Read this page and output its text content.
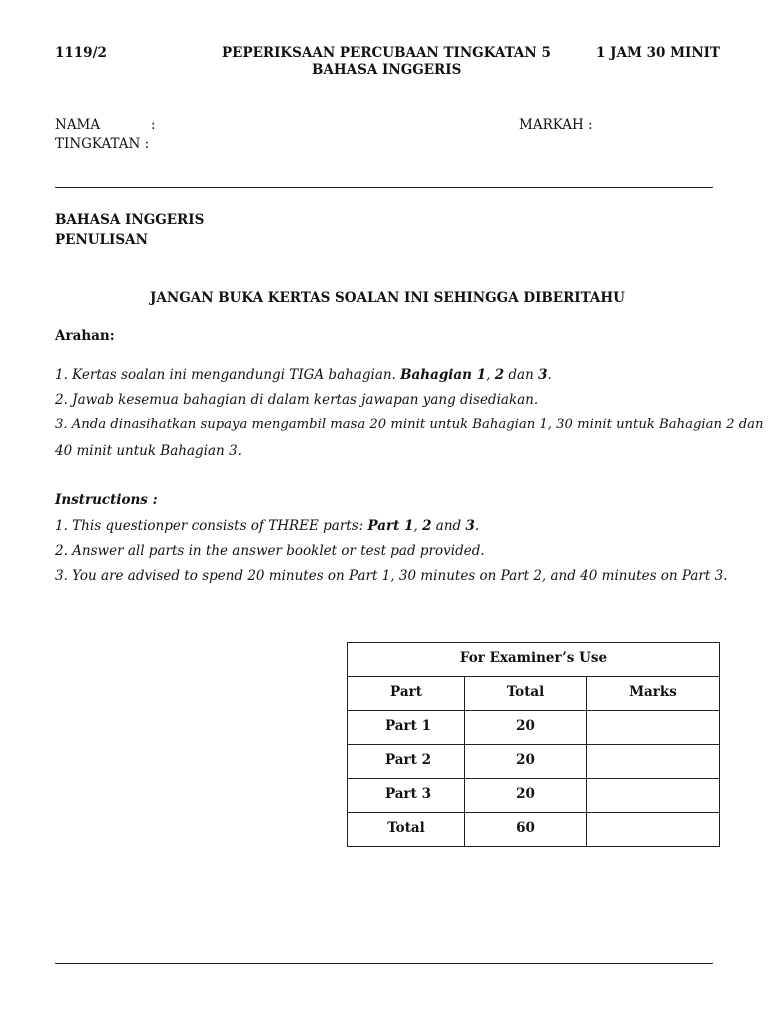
1119/2	PEPERIKSAAN PERCUBAAN TINGKATAN 5	1 JAM 30 MINIT
BAHASA INGGERIS
NAMA	:	MARKAH :
TINGKATAN :
BAHASA INGGERIS
PENULISAN
JANGAN BUKA KERTAS SOALAN INI SEHINGGA DIBERITAHU
Arahan:
1. Kertas soalan ini mengandungi TIGA bahagian. Bahagian 1, 2 dan 3.
2. Jawab kesemua bahagian di dalam kertas jawapan yang disediakan.
3. Anda dinasihatkan supaya mengambil masa 20 minit untuk Bahagian 1, 30 minit untuk Bahagian 2 dan
40 minit untuk Bahagian 3.
Instructions :
1. This questionper consists of THREE parts: Part 1, 2 and 3.
2. Answer all parts in the answer booklet or test pad provided.
3. You are advised to spend 20 minutes on Part 1, 30 minutes on Part 2, and 40 minutes on Part 3.
For Examiner’s Use		

Part	Total	Marks

Part 1	20	

Part 2	20	

Part 3	20	

Total	60	
